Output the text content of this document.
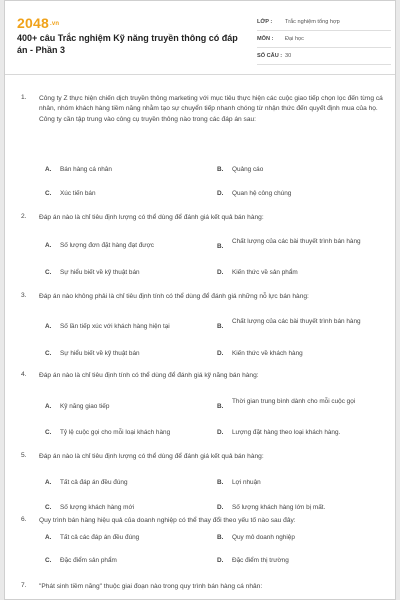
2048.vn
400+ câu Trắc nghiệm Kỹ năng truyền thông có đáp án - Phần 3
LỚP :	Trắc nghiệm tổng hợp
MÔN :	Đại học
SỐ CÂU : 30
1. Công ty Z thực hiện chiến dịch truyền thông marketing với mục tiêu thực hiện các cuộc giao tiếp chọn lọc đến từng cá nhân, nhóm khách hàng tiềm năng nhằm tạo sự chuyển tiếp nhanh chóng từ nhận thức đến quyết định mua của họ. Công ty cần tập trung vào công cụ truyền thông nào trong các đáp án sau:
A.	Bán hàng cá nhân	B.	Quảng cáo
C.	Xúc tiến bán	D.	Quan hệ công chúng
2. Đáp án nào là chỉ tiêu định lượng có thể dùng để đánh giá kết quả bán hàng:
A.	Số lượng đơn đặt hàng đạt được	B.
Chất lượng của các bài thuyết trình bán hàng
C.	Sự hiểu biết về kỹ thuật bán	D.	Kiến thức về sản phẩm
3. Đáp án nào không phải là chỉ tiêu định tính có thể dùng để đánh giá những nỗ lực bán hàng:
A.	Số lần tiếp xúc với khách hàng hiện tại	B.
Chất lượng của các bài thuyết trình bán hàng
C.	Sự hiểu biết về kỹ thuật bán	D.	Kiến thức về khách hàng
4. Đáp án nào là chỉ tiêu định tính có thể dùng để đánh giá kỹ năng bán hàng:
A.	Kỹ năng giao tiếp	B.
Thời gian trung bình dành cho mỗi cuộc gọi
C.	Tỷ lệ cuộc gọi cho mỗi loại khách hàng	D.	Lượng đặt hàng theo loại khách hàng.
5. Đáp án nào là chỉ tiêu định lượng có thể dùng để đánh giá kết quả bán hàng:
A.	Tất cả đáp án đều đúng	B.	Lợi nhuận
C.	Số lượng khách hàng mới	D.	Số lượng khách hàng lớn bị mất.
6. Quy trình bán hàng hiệu quả của doanh nghiệp có thể thay đổi theo yếu tố nào sau đây:
A.	Tất cả các đáp án đều đúng	B.	Quy mô doanh nghiệp
C.	Đặc điểm sản phẩm	D.	Đặc điểm thị trường
7. "Phát sinh tiềm năng" thuộc giai đoạn nào trong quy trình bán hàng cá nhân:
